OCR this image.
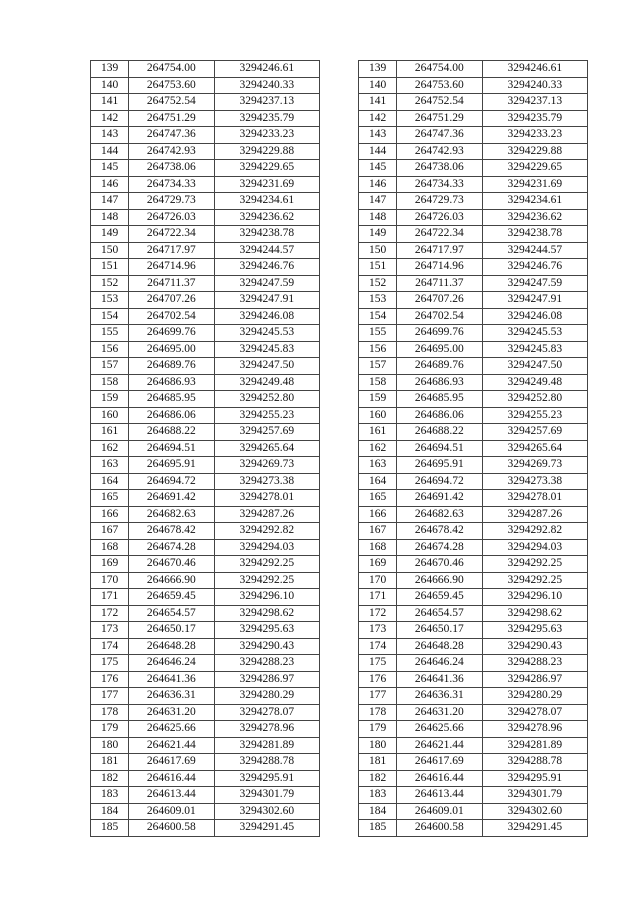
139	264754.00	3294246.61
140	264753.60	3294240.33
141	264752.54	3294237.13
142	264751.29	3294235.79
143	264747.36	3294233.23
144	264742.93	3294229.88
145	264738.06	3294229.65
146	264734.33	3294231.69
147	264729.73	3294234.61
148	264726.03	3294236.62
149	264722.34	3294238.78
150	264717.97	3294244.57
151	264714.96	3294246.76
152	264711.37	3294247.59
153	264707.26	3294247.91
154	264702.54	3294246.08
155	264699.76	3294245.53
156	264695.00	3294245.83
157	264689.76	3294247.50
158	264686.93	3294249.48
159	264685.95	3294252.80
160	264686.06	3294255.23
161	264688.22	3294257.69
162	264694.51	3294265.64
163	264695.91	3294269.73
164	264694.72	3294273.38
165	264691.42	3294278.01
166	264682.63	3294287.26
167	264678.42	3294292.82
168	264674.28	3294294.03
169	264670.46	3294292.25
170	264666.90	3294292.25
171	264659.45	3294296.10
172	264654.57	3294298.62
173	264650.17	3294295.63
174	264648.28	3294290.43
175	264646.24	3294288.23
176	264641.36	3294286.97
177	264636.31	3294280.29
178	264631.20	3294278.07
179	264625.66	3294278.96
180	264621.44	3294281.89
181	264617.69	3294288.78
182	264616.44	3294295.91
183	264613.44	3294301.79
184	264609.01	3294302.60
185	264600.58	3294291.45
139	264754.00	3294246.61
140	264753.60	3294240.33
141	264752.54	3294237.13
142	264751.29	3294235.79
143	264747.36	3294233.23
144	264742.93	3294229.88
145	264738.06	3294229.65
146	264734.33	3294231.69
147	264729.73	3294234.61
148	264726.03	3294236.62
149	264722.34	3294238.78
150	264717.97	3294244.57
151	264714.96	3294246.76
152	264711.37	3294247.59
153	264707.26	3294247.91
154	264702.54	3294246.08
155	264699.76	3294245.53
156	264695.00	3294245.83
157	264689.76	3294247.50
158	264686.93	3294249.48
159	264685.95	3294252.80
160	264686.06	3294255.23
161	264688.22	3294257.69
162	264694.51	3294265.64
163	264695.91	3294269.73
164	264694.72	3294273.38
165	264691.42	3294278.01
166	264682.63	3294287.26
167	264678.42	3294292.82
168	264674.28	3294294.03
169	264670.46	3294292.25
170	264666.90	3294292.25
171	264659.45	3294296.10
172	264654.57	3294298.62
173	264650.17	3294295.63
174	264648.28	3294290.43
175	264646.24	3294288.23
176	264641.36	3294286.97
177	264636.31	3294280.29
178	264631.20	3294278.07
179	264625.66	3294278.96
180	264621.44	3294281.89
181	264617.69	3294288.78
182	264616.44	3294295.91
183	264613.44	3294301.79
184	264609.01	3294302.60
185	264600.58	3294291.45
